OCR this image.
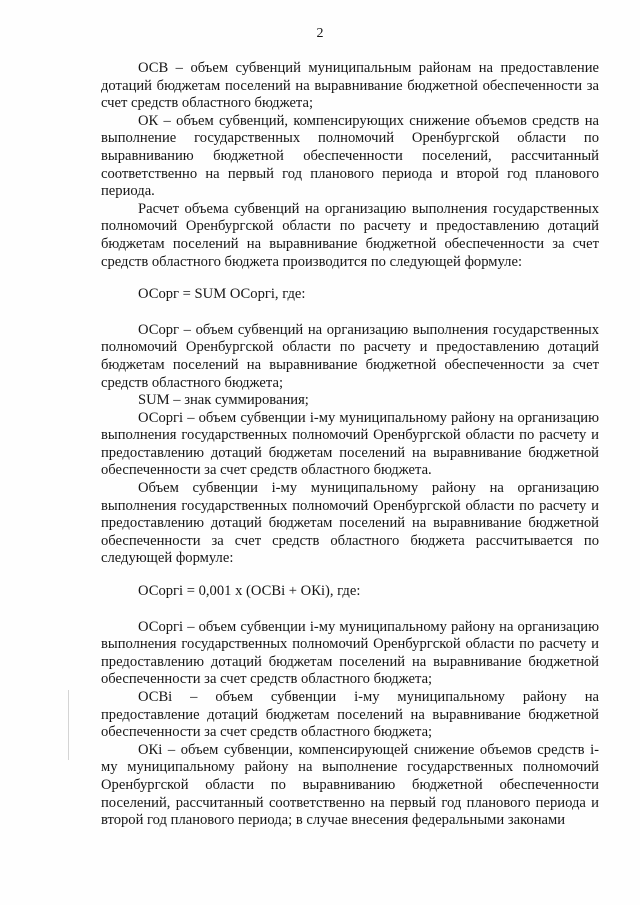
2

ОСВ – объем субвенций муниципальным районам на предоставление дотаций бюджетам поселений на выравнивание бюджетной обеспеченности за счет средств областного бюджета;

ОК – объем субвенций, компенсирующих снижение объемов средств на выполнение государственных полномочий Оренбургской области по выравниванию бюджетной обеспеченности поселений, рассчитанный соответственно на первый год планового периода и второй год планового периода.

Расчет объема субвенций на организацию выполнения государственных полномочий Оренбургской области по расчету и предоставлению дотаций бюджетам поселений на выравнивание бюджетной обеспеченности за счет средств областного бюджета производится по следующей формуле:

ОСорг = SUM ОСоргi, где:

ОСорг – объем субвенций на организацию выполнения государственных полномочий Оренбургской области по расчету и предоставлению дотаций бюджетам поселений на выравнивание бюджетной обеспеченности за счет средств областного бюджета;

SUM – знак суммирования;

ОСоргi – объем субвенции i-му муниципальному району на организацию выполнения государственных полномочий Оренбургской области по расчету и предоставлению дотаций бюджетам поселений на выравнивание бюджетной обеспеченности за счет средств областного бюджета.

Объем субвенции i-му муниципальному району на организацию выполнения государственных полномочий Оренбургской области по расчету и предоставлению дотаций бюджетам поселений на выравнивание бюджетной обеспеченности за счет средств областного бюджета рассчитывается по следующей формуле:

ОСоргi = 0,001 x (ОСВi + ОКi), где:

ОСоргi – объем субвенции i-му муниципальному району на организацию выполнения государственных полномочий Оренбургской области по расчету и предоставлению дотаций бюджетам поселений на выравнивание бюджетной обеспеченности за счет средств областного бюджета;

ОСВi – объем субвенции i-му муниципальному району на предоставление дотаций бюджетам поселений на выравнивание бюджетной обеспеченности за счет средств областного бюджета;

ОКi – объем субвенции, компенсирующей снижение объемов средств i-му муниципальному району на выполнение государственных полномочий Оренбургской области по выравниванию бюджетной обеспеченности поселений, рассчитанный соответственно на первый год планового периода и второй год планового периода; в случае внесения федеральными законами
